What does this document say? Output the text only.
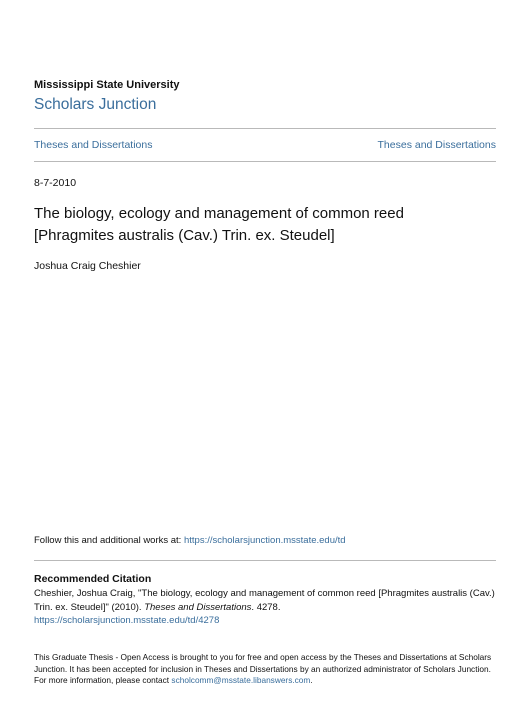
Mississippi State University
Scholars Junction
Theses and Dissertations	Theses and Dissertations
8-7-2010
The biology, ecology and management of common reed [Phragmites australis (Cav.) Trin. ex. Steudel]
Joshua Craig Cheshier
Follow this and additional works at: https://scholarsjunction.msstate.edu/td
Recommended Citation
Cheshier, Joshua Craig, "The biology, ecology and management of common reed [Phragmites australis (Cav.) Trin. ex. Steudel]" (2010). Theses and Dissertations. 4278.
https://scholarsjunction.msstate.edu/td/4278
This Graduate Thesis - Open Access is brought to you for free and open access by the Theses and Dissertations at Scholars Junction. It has been accepted for inclusion in Theses and Dissertations by an authorized administrator of Scholars Junction. For more information, please contact scholcomm@msstate.libanswers.com.
